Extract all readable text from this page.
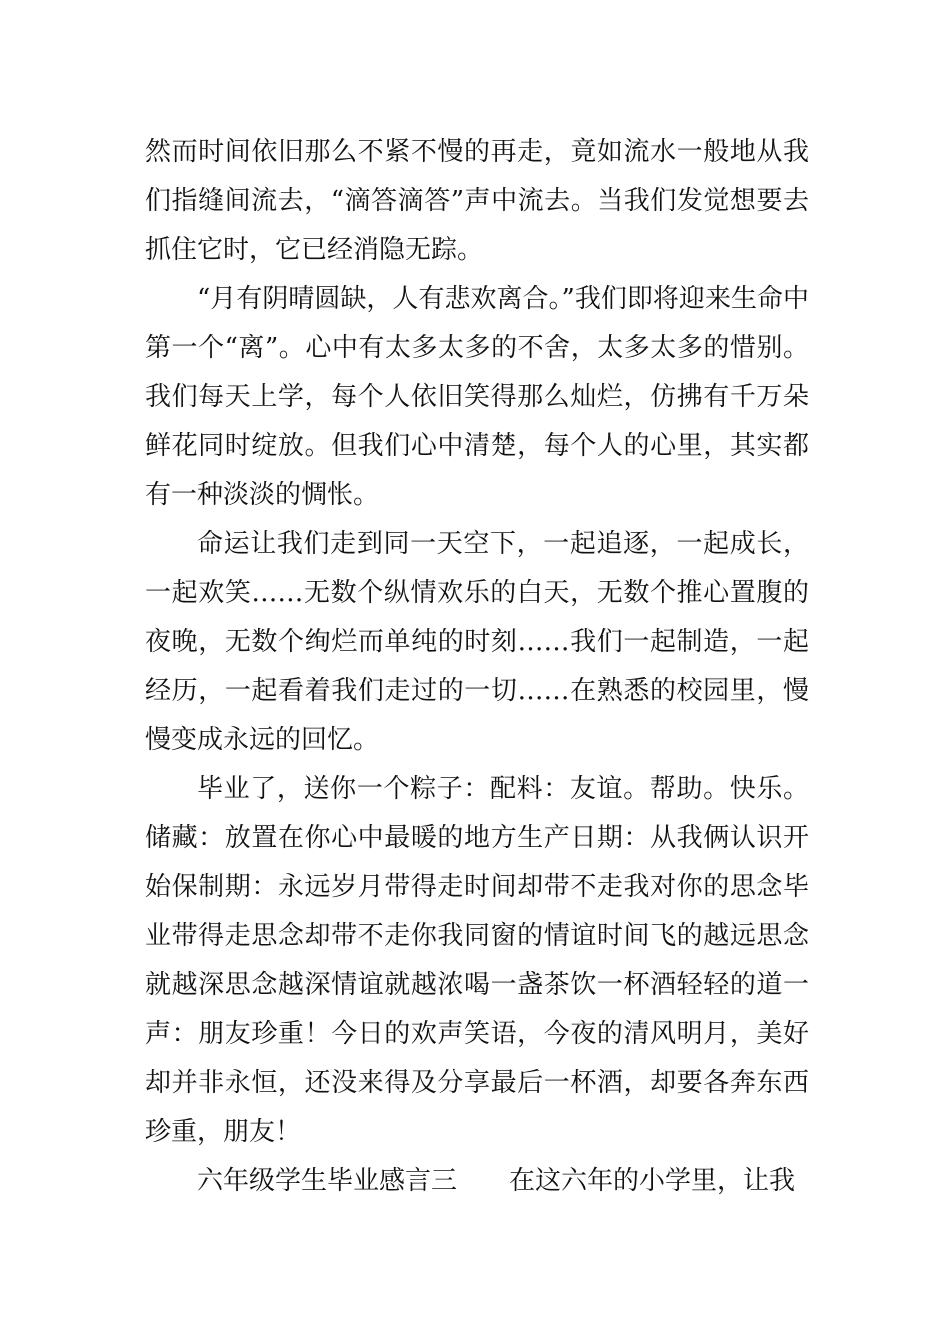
然而时间依旧那么不紧不慢的再走，竟如流水一般地从我们指缝间流去，“滴答滴答”声中流去。当我们发觉想要去抓住它时，它已经消隐无踪。

“月有阴晴圆缺，人有悲欢离合。”我们即将迎来生命中第一个“离”。心中有太多太多的不舍，太多太多的惜别。我们每天上学，每个人依旧笑得那么灿烂，仿拂有千万朵鲜花同时绽放。但我们心中清楚，每个人的心里，其实都有一种淡淡的惆怅。

命运让我们走到同一天空下，一起追逐，一起成长，一起欢笑……无数个纵情欢乐的白天，无数个推心置腹的夜晚，无数个绚烂而单纯的时刻……我们一起制造，一起经历，一起看着我们走过的一切……在熟悉的校园里，慢慢变成永远的回忆。

毕业了，送你一个粽子：配料：友谊。帮助。快乐。储藏：放置在你心中最暖的地方生产日期：从我俩认识开始保制期：永远岁月带得走时间却带不走我对你的思念毕业带得走思念却带不走你我同窗的情谊时间飞的越远思念就越深思念越深情谊就越浓喝一盏茶饮一杯酒轻轻的道一声：朋友珍重！今日的欢声笑语，今夜的清风明月，美好却并非永恒，还没来得及分享最后一杯酒，却要各奔东西珍重，朋友！

六年级学生毕业感言三 在这六年的小学里，让我
